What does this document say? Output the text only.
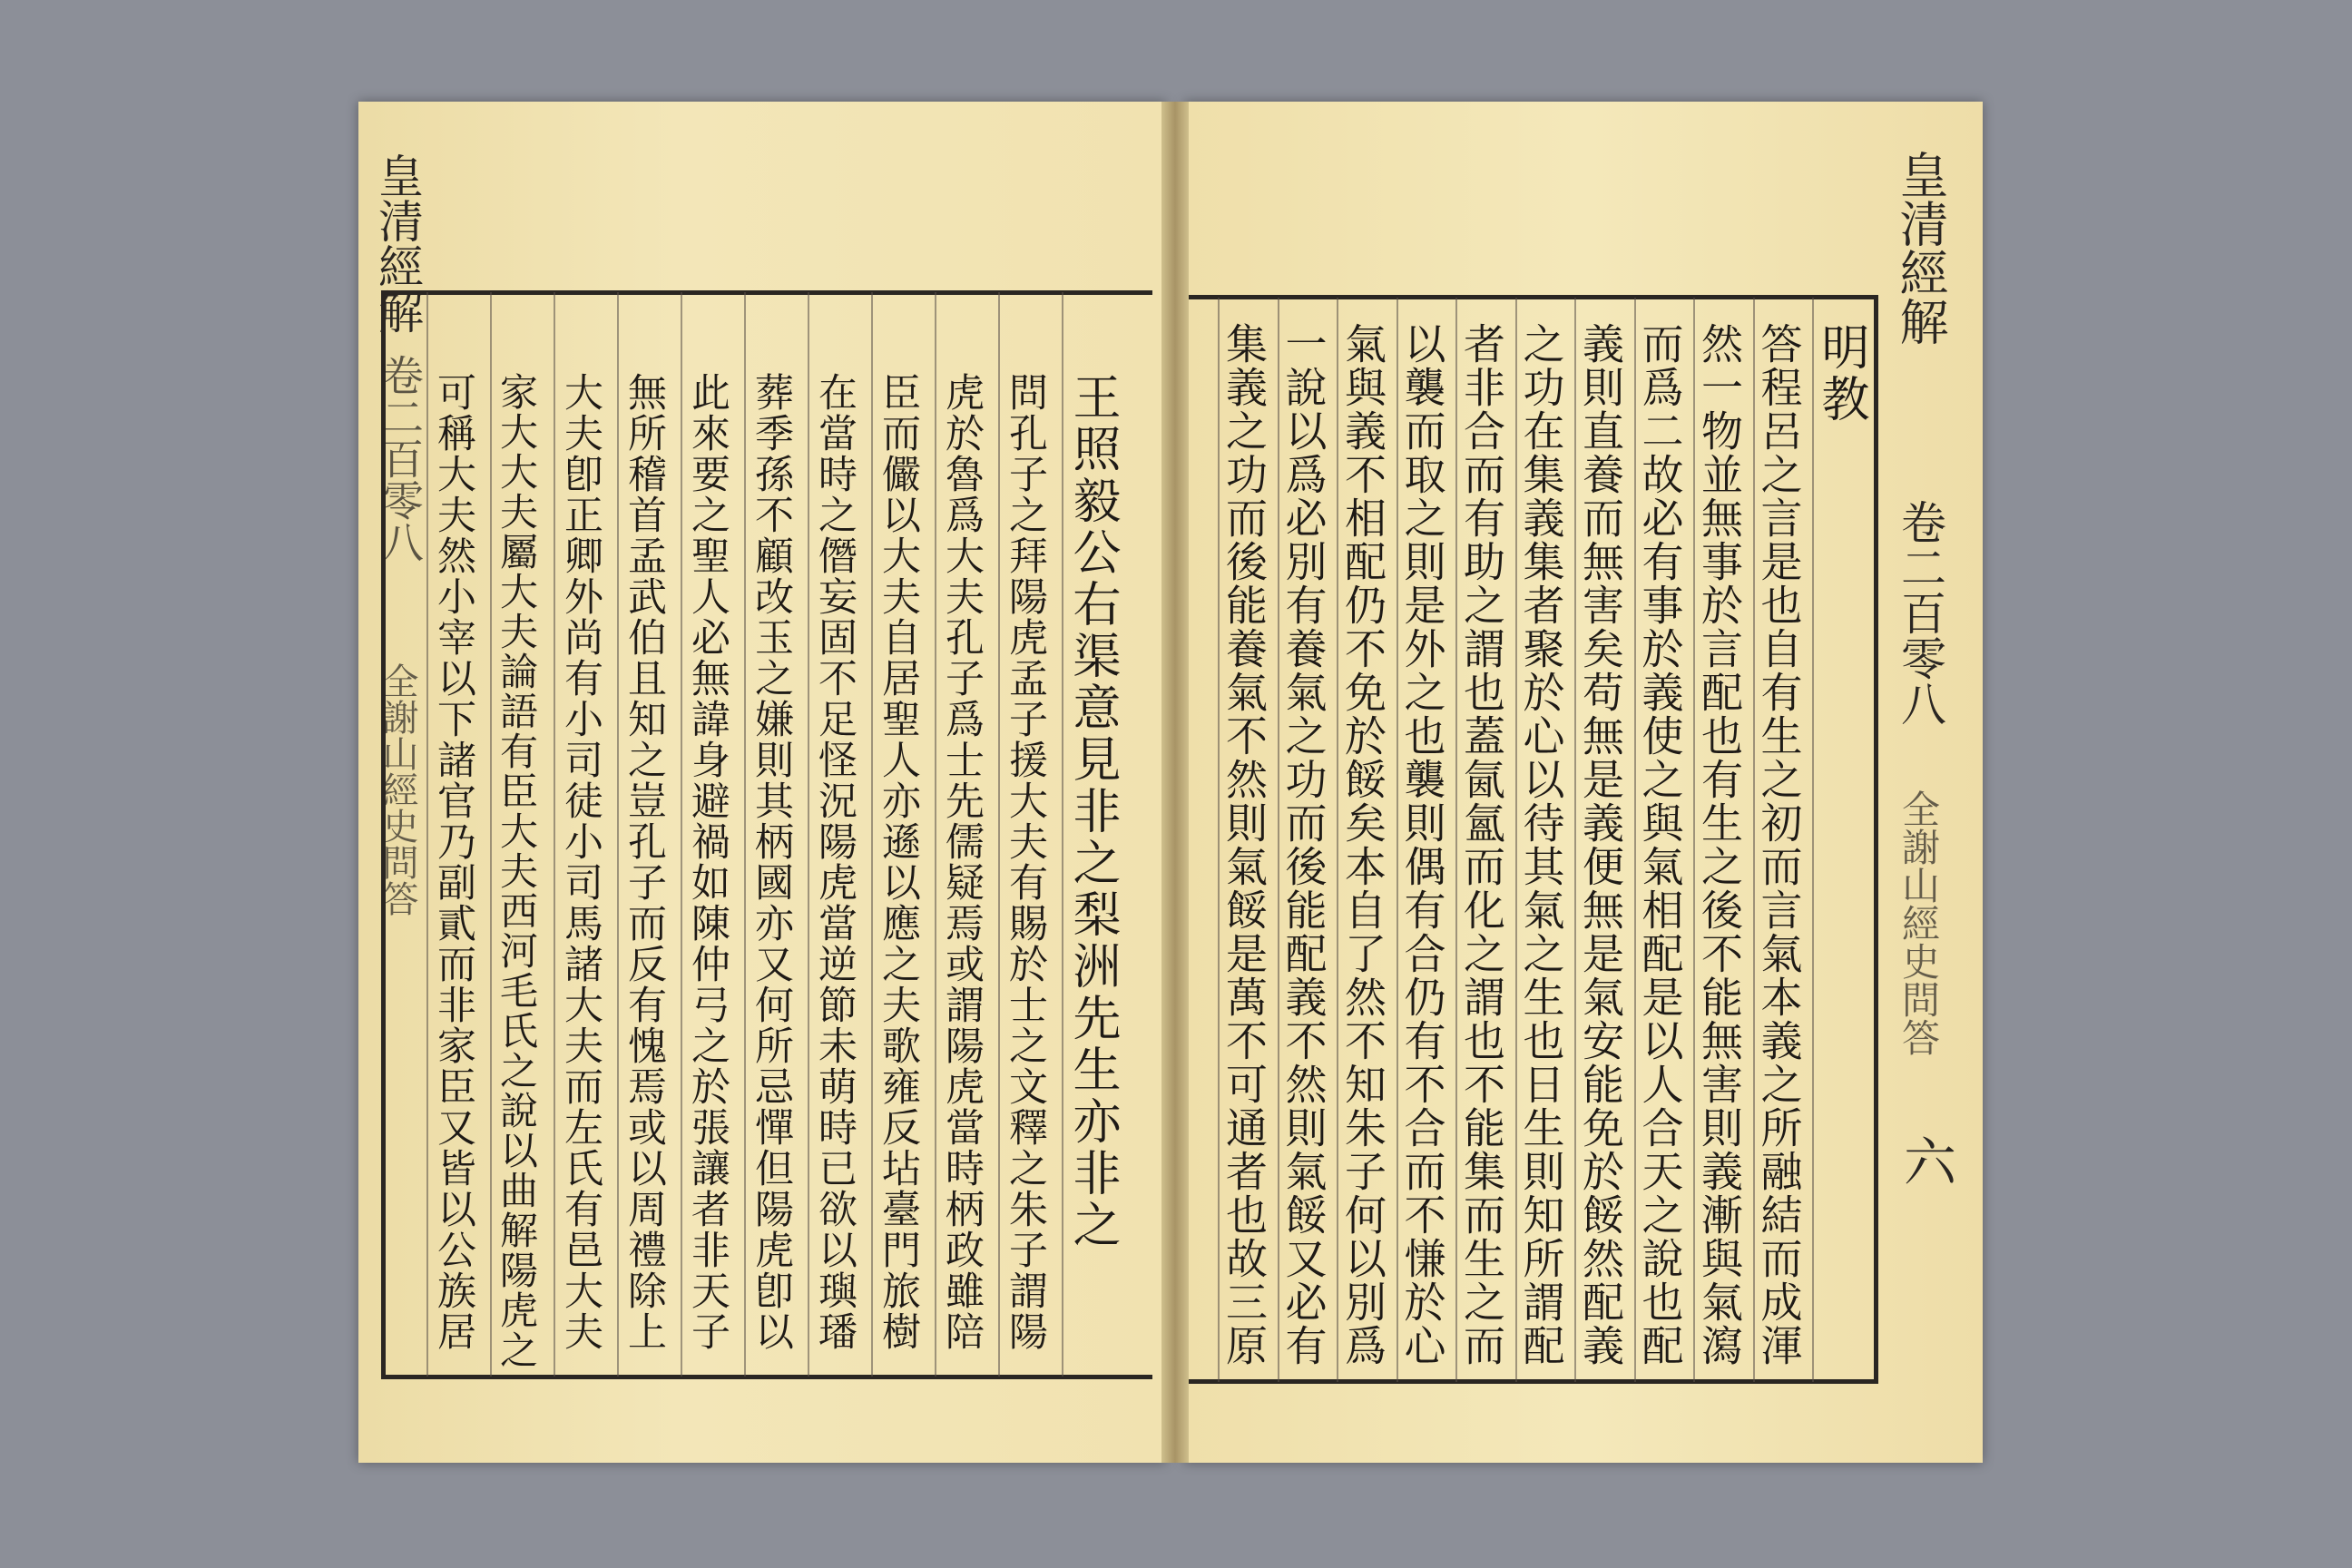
王照毅公右渠意見非之梨洲先生亦非之
問孔子之拜陽虎孟子援大夫有賜於士之文釋之朱子謂陽
虎於魯爲大夫孔子爲士先儒疑焉或謂陽虎當時柄政雖陪
臣而儼以大夫自居聖人亦遜以應之夫歌雍反坫臺門旅樹
在當時之僭妄固不足怪況陽虎當逆節未萌時已欲以璵璠
葬季孫不顧改玉之嫌則其柄國亦又何所忌憚但陽虎卽以
此來要之聖人必無諱身避禍如陳仲弓之於張讓者非天子
無所稽首孟武伯且知之豈孔子而反有愧焉或以周禮除上
大夫卽正卿外尚有小司徒小司馬諸大夫而左氏有邑大夫
家大大夫屬大夫論語有臣大夫西河毛氏之說以曲解陽虎之
可稱大夫然小宰以下諸官乃副貳而非家臣又皆以公族居	明教
答程呂之言是也自有生之初而言氣本義之所融結而成渾
然一物並無事於言配也有生之後不能無害則義漸與氣瀉
而爲二故必有事於義使之與氣相配是以人合天之說也配
義則直養而無害矣苟無是義便無是氣安能免於餒然配義
之功在集義集者聚於心以待其氣之生也日生則知所謂配
者非合而有助之謂也蓋氤氳而化之謂也不能集而生之而
以襲而取之則是外之也襲則偶有合仍有不合而不慊於心
氣與義不相配仍不免於餒矣本自了然不知朱子何以別爲
一說以爲必別有養氣之功而後能配義不然則氣餒又必有
集義之功而後能養氣不然則氣餒是萬不可通者也故三原
皇清經解
卷二百零八
全謝山經史問答
皇清經解
卷二百零八
全謝山經史問答
六
